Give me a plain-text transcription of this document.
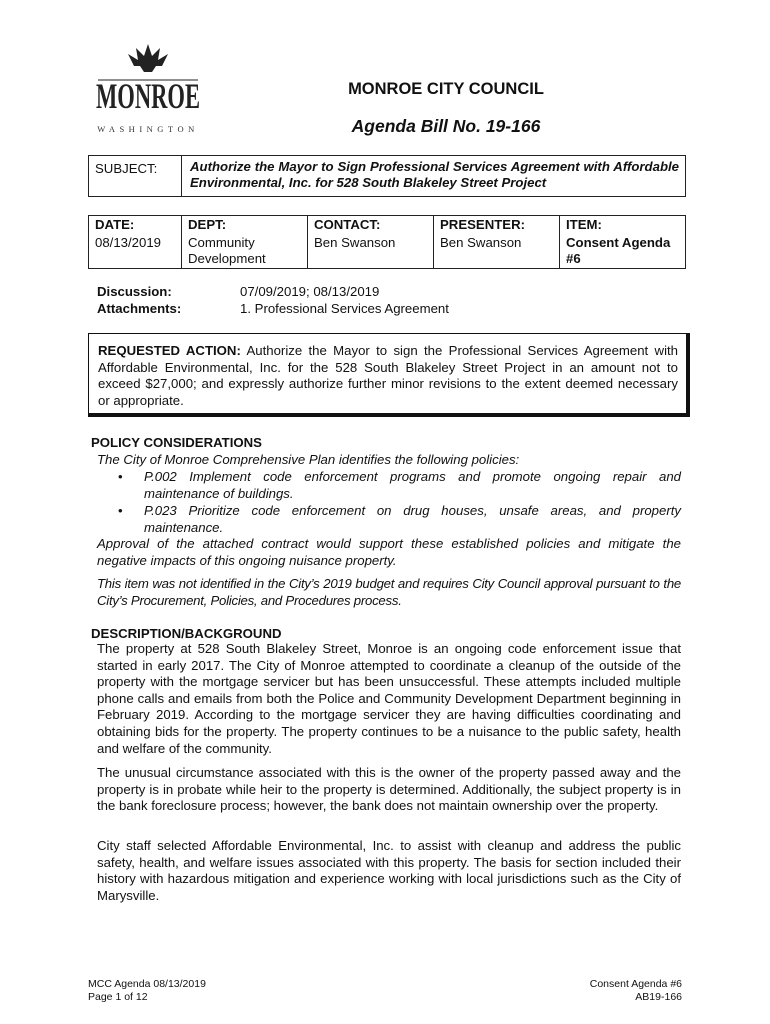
MONROE
WASHINGTON
MONROE CITY COUNCIL
Agenda Bill No. 19-166
SUBJECT:	Authorize the Mayor to Sign Professional Services Agreement with Affordable Environmental, Inc. for 528 South Blakeley Street Project
DATE:	DEPT:	CONTACT:	PRESENTER:	ITEM:
08/13/2019	Community Development	Ben Swanson	Ben Swanson	Consent Agenda #6
Discussion:	07/09/2019; 08/13/2019
Attachments:	1. Professional Services Agreement
REQUESTED ACTION: Authorize the Mayor to sign the Professional Services Agreement with Affordable Environmental, Inc. for the 528 South Blakeley Street Project in an amount not to exceed $27,000; and expressly authorize further minor revisions to the extent deemed necessary or appropriate.
POLICY CONSIDERATIONS
The City of Monroe Comprehensive Plan identifies the following policies:
• P.002 Implement code enforcement programs and promote ongoing repair and maintenance of buildings.
• P.023 Prioritize code enforcement on drug houses, unsafe areas, and property maintenance.
Approval of the attached contract would support these established policies and mitigate the negative impacts of this ongoing nuisance property.
This item was not identified in the City’s 2019 budget and requires City Council approval pursuant to the City’s Procurement, Policies, and Procedures process.
DESCRIPTION/BACKGROUND
The property at 528 South Blakeley Street, Monroe is an ongoing code enforcement issue that started in early 2017. The City of Monroe attempted to coordinate a cleanup of the outside of the property with the mortgage servicer but has been unsuccessful. These attempts included multiple phone calls and emails from both the Police and Community Development Department beginning in February 2019. According to the mortgage servicer they are having difficulties coordinating and obtaining bids for the property. The property continues to be a nuisance to the public safety, health and welfare of the community.
The unusual circumstance associated with this is the owner of the property passed away and the property is in probate while heir to the property is determined. Additionally, the subject property is in the bank foreclosure process; however, the bank does not maintain ownership over the property.
City staff selected Affordable Environmental, Inc. to assist with cleanup and address the public safety, health, and welfare issues associated with this property. The basis for section included their history with hazardous mitigation and experience working with local jurisdictions such as the City of Marysville.
MCC Agenda 08/13/2019
Page 1 of 12
Consent Agenda #6
AB19-166
